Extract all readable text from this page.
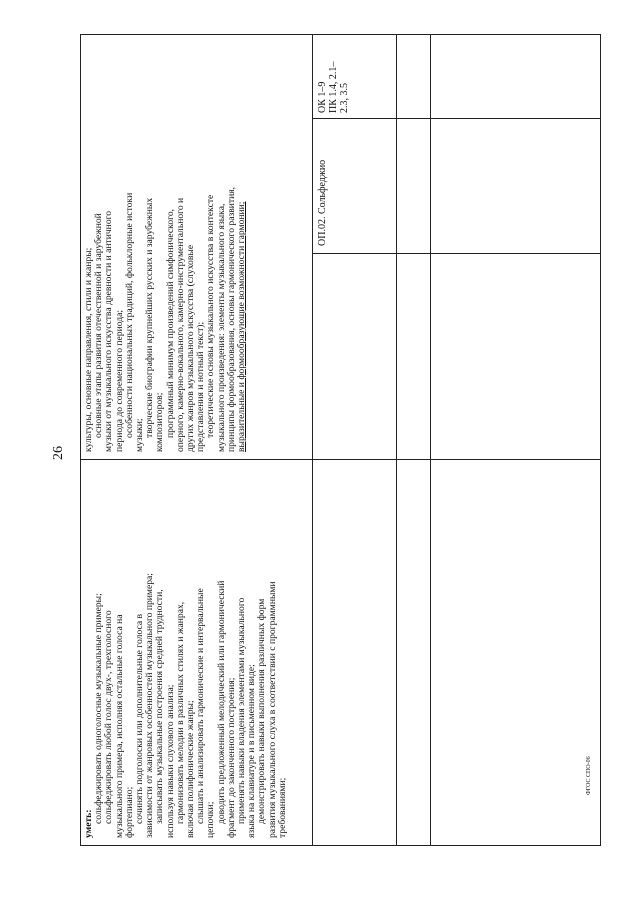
26
ФГОС СПО-06

культуры, основные направления, стили и жанры; основные этапы развития отечественной и зарубежной музыки от музыкального искусства древности и античного периода до современного периода; особенности национальных традиций, фольклорные истоки музыки; творческие биографии крупнейших русских и зарубежных композиторов; программный минимум произведений симфонического, оперного, камерно-вокального, камерно-инструментального и других жанров музыкального искусства (слуховые представления и нотный текст); теоретические основы музыкального искусства в контексте музыкального произведения: элементы музыкального языка, принципы формообразования, основы гармонического развития, выразительные и формообразующие возможности гармонии;

уметь: сольфеджировать одноголосные музыкальные примеры; сольфеджировать любой голос двух-, трехголосного музыкального примера, исполняя остальные голоса на фортепиано; сочинять подголоски или дополнительные голоса в зависимости от жанровых особенностей музыкального примера; записывать музыкальные построения средней трудности, используя навыки слухового анализа; гармонизовать мелодии в различных стилях и жанрах, включая полифонические жанры; слышать и анализировать гармонические и интервальные цепочки; доводить предложенный мелодический или гармонический фрагмент до законченного построения; применять навыки владения элементами музыкального языка на клавиатуре и в письменном виде; демонстрировать навыки выполнения различных форм развития музыкального слуха в соответствии с программными требованиями;

ОП.02. Сольфеджио

ОК 1–9 ПК 1.4, 2.1– 2.3, 3.5
